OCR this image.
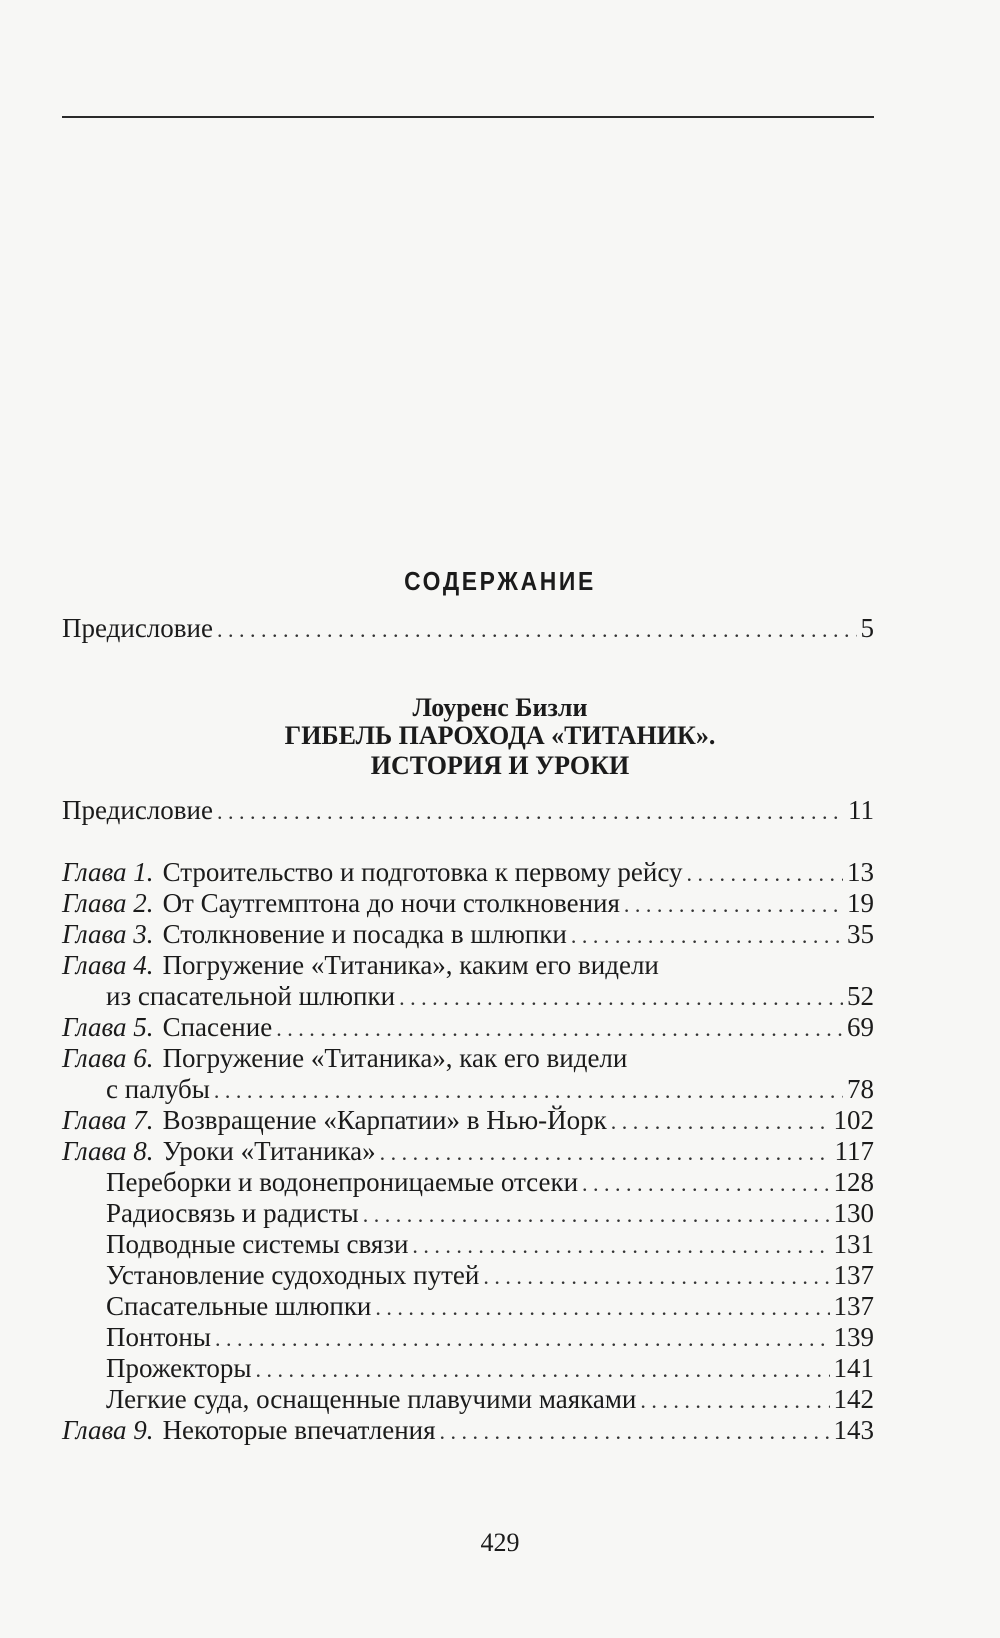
СОДЕРЖАНИЕ
Предисловие . . .	5
Лоуренс Бизли
ГИБЕЛЬ ПАРОХОДА «ТИТАНИК».
ИСТОРИЯ И УРОКИ
Предисловие . . .	11
Глава 1. Строительство и подготовка к первому рейсу . . .	13
Глава 2. От Саутгемптона до ночи столкновения . . .	19
Глава 3. Столкновение и посадка в шлюпки . . .	35
Глава 4. Погружение «Титаника», каким его видели
из спасательной шлюпки . . .	52
Глава 5. Спасение . . .	69
Глава 6. Погружение «Титаника», как его видели
с палубы . . .	78
Глава 7. Возвращение «Карпатии» в Нью-Йорк . . .	102
Глава 8. Уроки «Титаника» . . .	117
Переборки и водонепроницаемые отсеки . . .	128
Радиосвязь и радисты . . .	130
Подводные системы связи . . .	131
Установление судоходных путей . . .	137
Спасательные шлюпки . . .	137
Понтоны . . .	139
Прожекторы . . .	141
Легкие суда, оснащенные плавучими маяками . . .	142
Глава 9. Некоторые впечатления . . .	143
429
